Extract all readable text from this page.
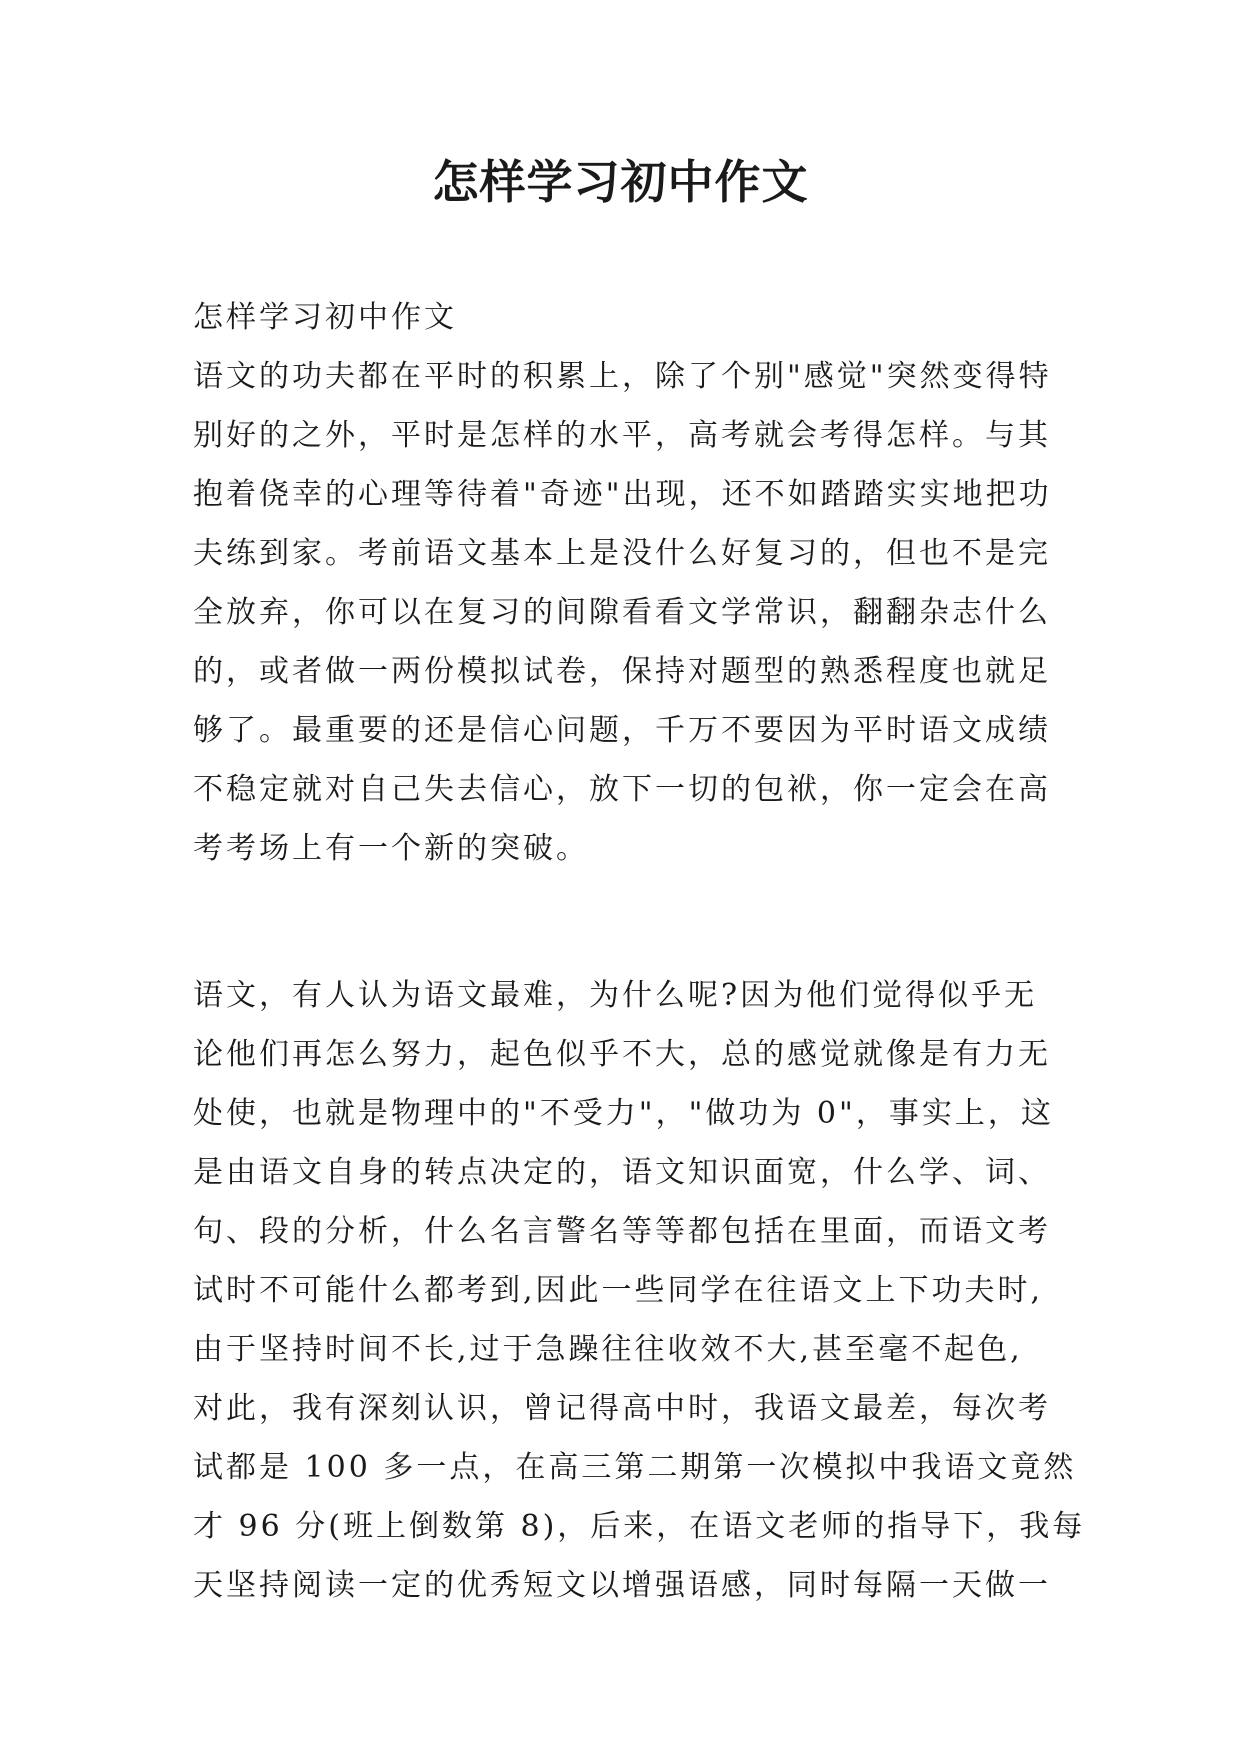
怎样学习初中作文
怎样学习初中作文
语文的功夫都在平时的积累上，除了个别"感觉"突然变得特
别好的之外，平时是怎样的水平，高考就会考得怎样。与其
抱着侥幸的心理等待着"奇迹"出现，还不如踏踏实实地把功
夫练到家。考前语文基本上是没什么好复习的，但也不是完
全放弃，你可以在复习的间隙看看文学常识，翻翻杂志什么
的，或者做一两份模拟试卷，保持对题型的熟悉程度也就足
够了。最重要的还是信心问题，千万不要因为平时语文成绩
不稳定就对自己失去信心，放下一切的包袱，你一定会在高
考考场上有一个新的突破。
语文，有人认为语文最难，为什么呢?因为他们觉得似乎无
论他们再怎么努力，起色似乎不大，总的感觉就像是有力无
处使，也就是物理中的"不受力"，"做功为 0"，事实上，这
是由语文自身的转点决定的，语文知识面宽，什么学、词、
句、段的分析，什么名言警名等等都包括在里面，而语文考
试时不可能什么都考到,因此一些同学在往语文上下功夫时,
由于坚持时间不长,过于急躁往往收效不大,甚至毫不起色,
对此，我有深刻认识，曾记得高中时，我语文最差，每次考
试都是 100 多一点，在高三第二期第一次模拟中我语文竟然
才 96 分(班上倒数第 8)，后来，在语文老师的指导下，我每
天坚持阅读一定的优秀短文以增强语感，同时每隔一天做一
